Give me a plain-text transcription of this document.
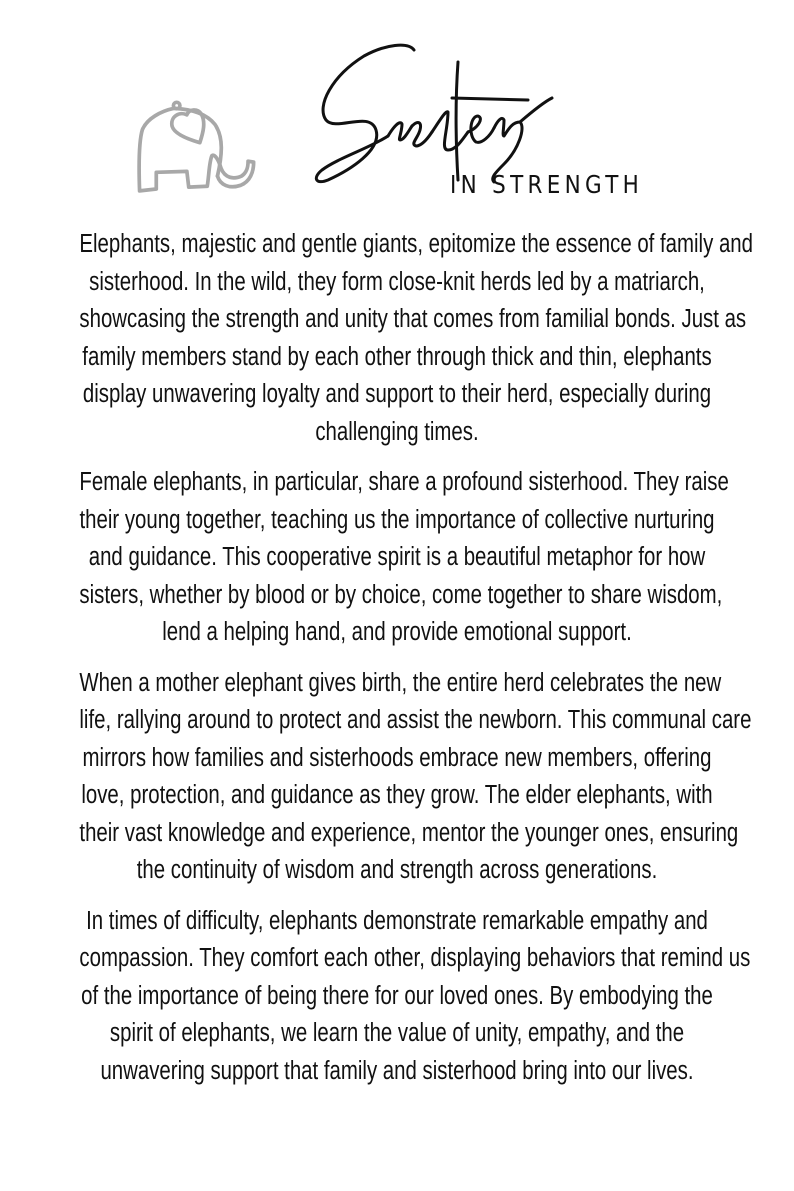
IN STRENGTH

Elephants, majestic and gentle giants, epitomize the essence of family and
sisterhood. In the wild, they form close-knit herds led by a matriarch,
showcasing the strength and unity that comes from familial bonds. Just as
family members stand by each other through thick and thin, elephants
display unwavering loyalty and support to their herd, especially during
challenging times.

Female elephants, in particular, share a profound sisterhood. They raise
their young together, teaching us the importance of collective nurturing
and guidance. This cooperative spirit is a beautiful metaphor for how
sisters, whether by blood or by choice, come together to share wisdom,
lend a helping hand, and provide emotional support.

When a mother elephant gives birth, the entire herd celebrates the new
life, rallying around to protect and assist the newborn. This communal care
mirrors how families and sisterhoods embrace new members, offering
love, protection, and guidance as they grow. The elder elephants, with
their vast knowledge and experience, mentor the younger ones, ensuring
the continuity of wisdom and strength across generations.

In times of difficulty, elephants demonstrate remarkable empathy and
compassion. They comfort each other, displaying behaviors that remind us
of the importance of being there for our loved ones. By embodying the
spirit of elephants, we learn the value of unity, empathy, and the
unwavering support that family and sisterhood bring into our lives.
